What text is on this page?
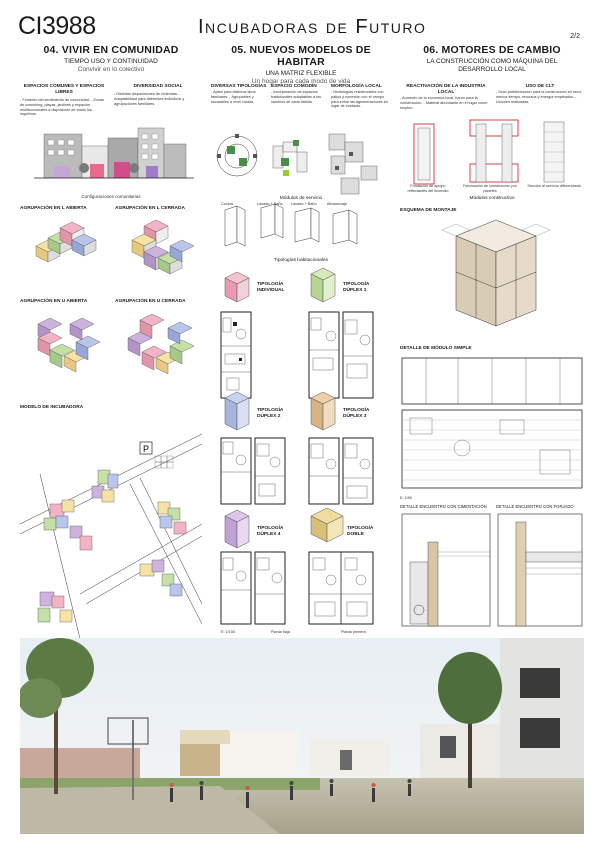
CI3988	Incubadoras de Futuro	2/2
04. VIVIR EN COMUNIDAD
TIEMPO USO Y CONTINUIDAD
Convivir en lo colectivo
ESPACIOS COMUNES Y ESPACIOS LIBRES
- Fomento del sentimiento de comunidad. - Zonas de coworking, playas, jardines y espacios multifuncionales a disposición de todos los inquilinos.
DIVERSIDAD SOCIAL
- Distintas disposiciones de viviendas. - Adaptabilidad para diferentes individuos y agrupaciones familiares.
Configuraciones comunitarias
AGRUPACIÓN EN L ABIERTA	AGRUPACIÓN EN L CERRADA
AGRUPACIÓN EN U ABIERTA	AGRUPACIÓN EN U CERRADA
MODELO DE INCUBADORA
P
05. NUEVOS MODELOS DE HABITAR
UNA MATRIZ FLEXIBLE
Un hogar para cada modo de vida
DIVERSAS TIPOLOGÍAS
- Aptos para distintos tipos familiares. - Agrupables y escalables a nivel ciudad.
ESPACIO COMODÍN
- Incorporación de espacios tradicionales adaptables a los cambios de cada familia.
MORFOLOGÍA LOCAL
- Morfologías residenciales con patios y conexión con el campo para evitar las aglomeraciones en lugar de contacto.
Módulos de servicio
Cocina	Lavado + Baño Lavado + Baño	Almacenaje
Tipologías habitacionales
TIPOLOGÍA INDIVIDUAL
TIPOLOGÍA DÚPLEX 1
TIPOLOGÍA DÚPLEX 2
TIPOLOGÍA DÚPLEX 3
TIPOLOGÍA DÚPLEX 4
TIPOLOGÍA DOBLE
E: 1/100	Planta baja	Planta primera
06. MOTORES DE CAMBIO
LA CONSTRUCCIÓN COMO MÁQUINA DEL DESARROLLO LOCAL
REACTIVACIÓN DE LA INDUSTRIA LOCAL
- Aumento de la economía local, futuro para la construcción. - Material abundante en el lugar como empleo.
USO DE CLT
- Gran prefabricación para la construcción en seco: menos tiempo, recursos y energía empleados. - Uniones realizadas.
Fundación de apoyo: reflectantes del incendio
Fabricación de construcción por paneles
Sección al servicio diferenciada
Módulos constructivo
ESQUEMA DE MONTAJE
DETALLE DE MÓDULO SIMPLE
E: 1/50
DETALLE ENCUENTRO CON CIMENTACIÓN	DETALLE ENCUENTRO CON FORJADO
